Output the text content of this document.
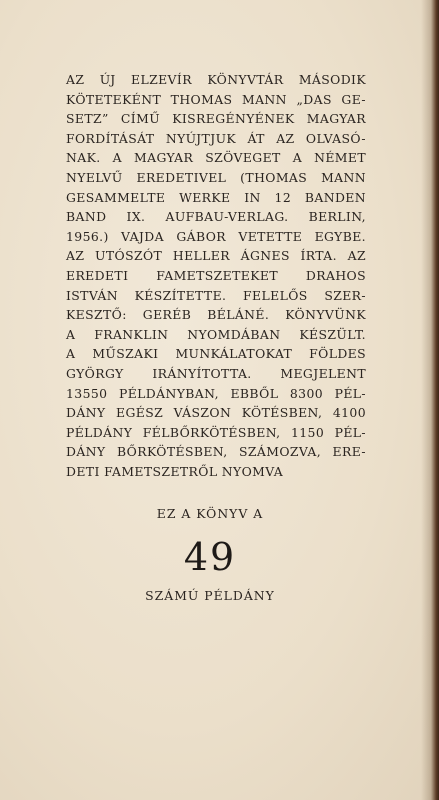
AZ ÚJ ELZEVÍR KÖNYVTÁR MÁSODIK
KÖTETEKÉNT THOMAS MANN „DAS GE-
SETZ” CÍMŰ KISREGÉNYÉNEK MAGYAR
FORDÍTÁSÁT NYÚJTJUK ÁT AZ OLVASÓ-
NAK. A MAGYAR SZÖVEGET A NÉMET
NYELVŰ EREDETIVEL (THOMAS MANN
GESAMMELTE WERKE IN 12 BANDEN
BAND IX. AUFBAU-VERLAG. BERLIN,
1956.) VAJDA GÁBOR VETETTE EGYBE.
AZ UTÓSZÓT HELLER ÁGNES ÍRTA. AZ
EREDETI FAMETSZETEKET DRAHOS
ISTVÁN KÉSZÍTETTE. FELELŐS SZER-
KESZTŐ: GERÉB BÉLÁNÉ. KÖNYVÜNK
A FRANKLIN NYOMDÁBAN KÉSZÜLT.
A MŰSZAKI MUNKÁLATOKAT FÖLDES
GYÖRGY IRÁNYÍTOTTA. MEGJELENT
13550 PÉLDÁNYBAN, EBBŐL 8300 PÉL-
DÁNY EGÉSZ VÁSZON KÖTÉSBEN, 4100
PÉLDÁNY FÉLBŐRKÖTÉSBEN, 1150 PÉL-
DÁNY BŐRKÖTÉSBEN, SZÁMOZVA, ERE-
DETI FAMETSZETRŐL NYOMVA
EZ A KÖNYV A
49
SZÁMÚ PÉLDÁNY
